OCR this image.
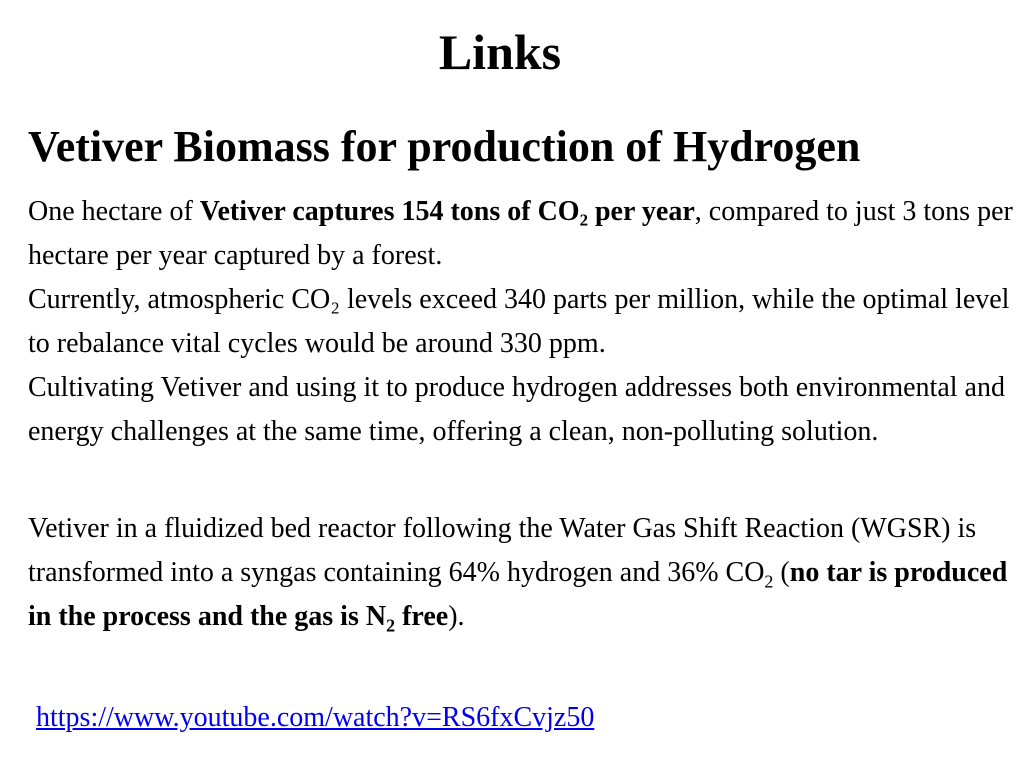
Links
Vetiver Biomass for production of Hydrogen

One hectare of Vetiver captures 154 tons of CO₂ per year, compared to just 3 tons per hectare per year captured by a forest.
Currently, atmospheric CO₂ levels exceed 340 parts per million, while the optimal level to rebalance vital cycles would be around 330 ppm.
Cultivating Vetiver and using it to produce hydrogen addresses both environmental and energy challenges at the same time, offering a clean, non-polluting solution.

Vetiver in a fluidized bed reactor following the Water Gas Shift Reaction (WGSR) is transformed into a syngas containing 64% hydrogen and 36% $CO_2$ (no tar is produced in the process and the gas is $N_2$ free).

https://www.youtube.com/watch?v=RS6fxCvjz50
